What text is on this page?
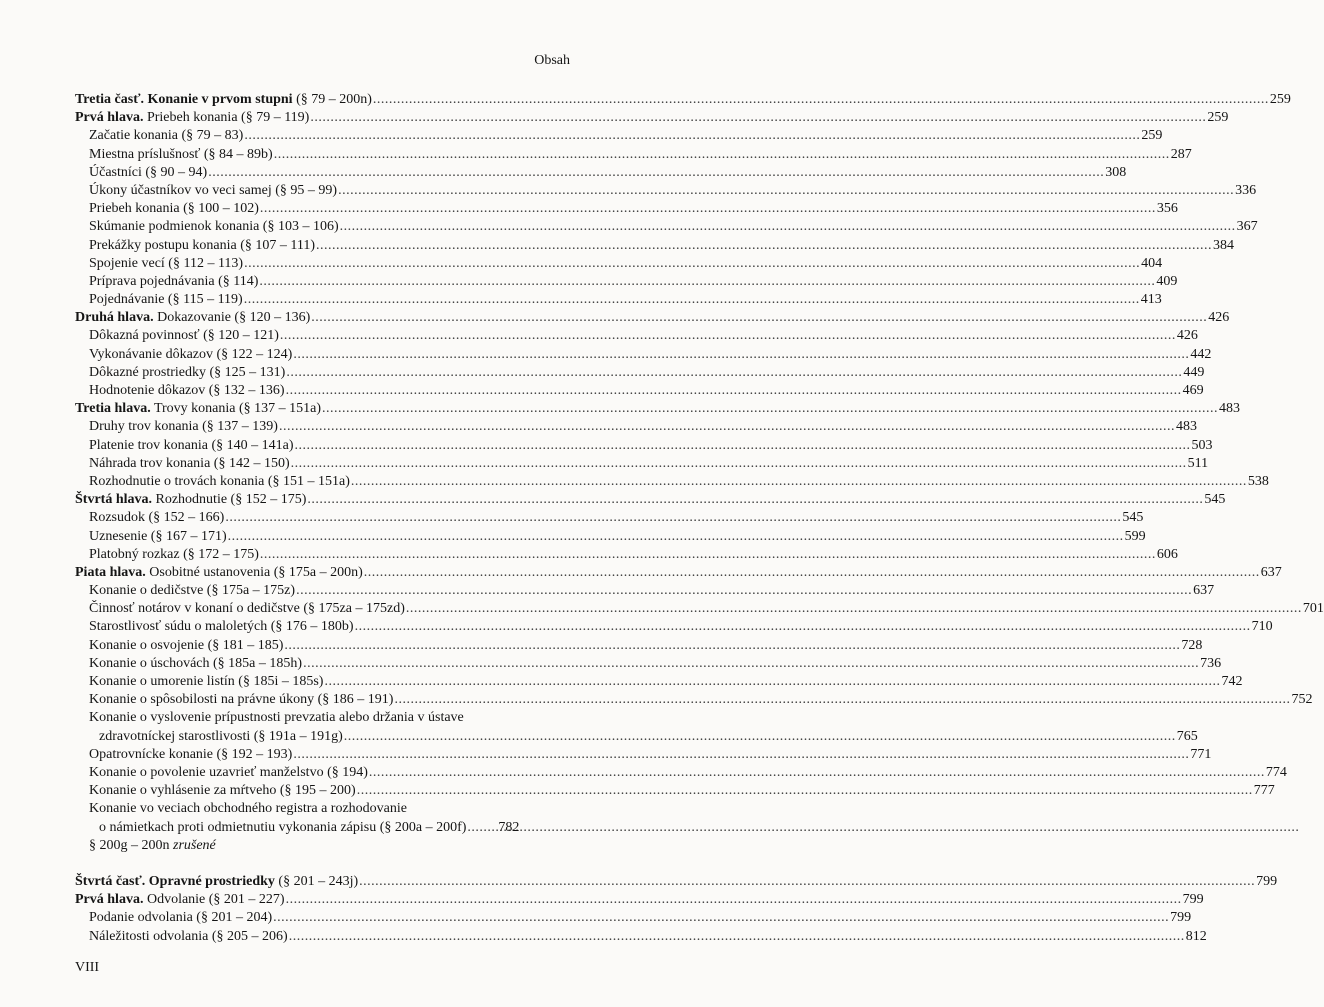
Obsah
Tretia časť. Konanie v prvom stupni (§ 79 – 200n) .....	259
Prvá hlava. Priebeh konania (§ 79 – 119) .....	259
Začatie konania (§ 79 – 83) .....	259
Miestna príslušnosť (§ 84 – 89b) .....	287
Účastníci (§ 90 – 94) .....	308
Úkony účastníkov vo veci samej (§ 95 – 99) .....	336
Priebeh konania (§ 100 – 102) .....	356
Skúmanie podmienok konania (§ 103 – 106) .....	367
Prekážky postupu konania (§ 107 – 111) .....	384
Spojenie vecí (§ 112 – 113) .....	404
Príprava pojednávania (§ 114) .....	409
Pojednávanie (§ 115 – 119) .....	413
Druhá hlava. Dokazovanie (§ 120 – 136) .....	426
Dôkazná povinnosť (§ 120 – 121) .....	426
Vykonávanie dôkazov (§ 122 – 124) .....	442
Dôkazné prostriedky (§ 125 – 131) .....	449
Hodnotenie dôkazov (§ 132 – 136) .....	469
Tretia hlava. Trovy konania (§ 137 – 151a) .....	483
Druhy trov konania (§ 137 – 139) .....	483
Platenie trov konania (§ 140 – 141a) .....	503
Náhrada trov konania (§ 142 – 150) .....	511
Rozhodnutie o trovách konania (§ 151 – 151a) .....	538
Štvrtá hlava. Rozhodnutie (§ 152 – 175) .....	545
Rozsudok (§ 152 – 166) .....	545
Uznesenie (§ 167 – 171) .....	599
Platobný rozkaz (§ 172 – 175) .....	606
Piata hlava. Osobitné ustanovenia (§ 175a – 200n) .....	637
Konanie o dedičstve (§ 175a – 175z) .....	637
Činnosť notárov v konaní o dedičstve (§ 175za – 175zd) .....	701
Starostlivosť súdu o maloletých (§ 176 – 180b) .....	710
Konanie o osvojenie (§ 181 – 185) .....	728
Konanie o úschovách (§ 185a – 185h) .....	736
Konanie o umorenie listín (§ 185i – 185s) .....	742
Konanie o spôsobilosti na právne úkony (§ 186 – 191) .....	752
Konanie o vyslovenie prípustnosti prevzatia alebo držania v ústave
zdravotníckej starostlivosti (§ 191a – 191g) .....	765
Opatrovnícke konanie (§ 192 – 193) .....	771
Konanie o povolenie uzavrieť manželstvo (§ 194) .....	774
Konanie o vyhlásenie za mŕtveho (§ 195 – 200) .....	777
Konanie vo veciach obchodného registra a rozhodovanie
o námietkach proti odmietnutiu vykonania zápisu (§ 200a – 200f) ..... 782
§ 200g – 200n zrušené
Štvrtá časť. Opravné prostriedky (§ 201 – 243j) .....	799
Prvá hlava. Odvolanie (§ 201 – 227) .....	799
Podanie odvolania (§ 201 – 204) .....	799
Náležitosti odvolania (§ 205 – 206) .....	812
VIII
